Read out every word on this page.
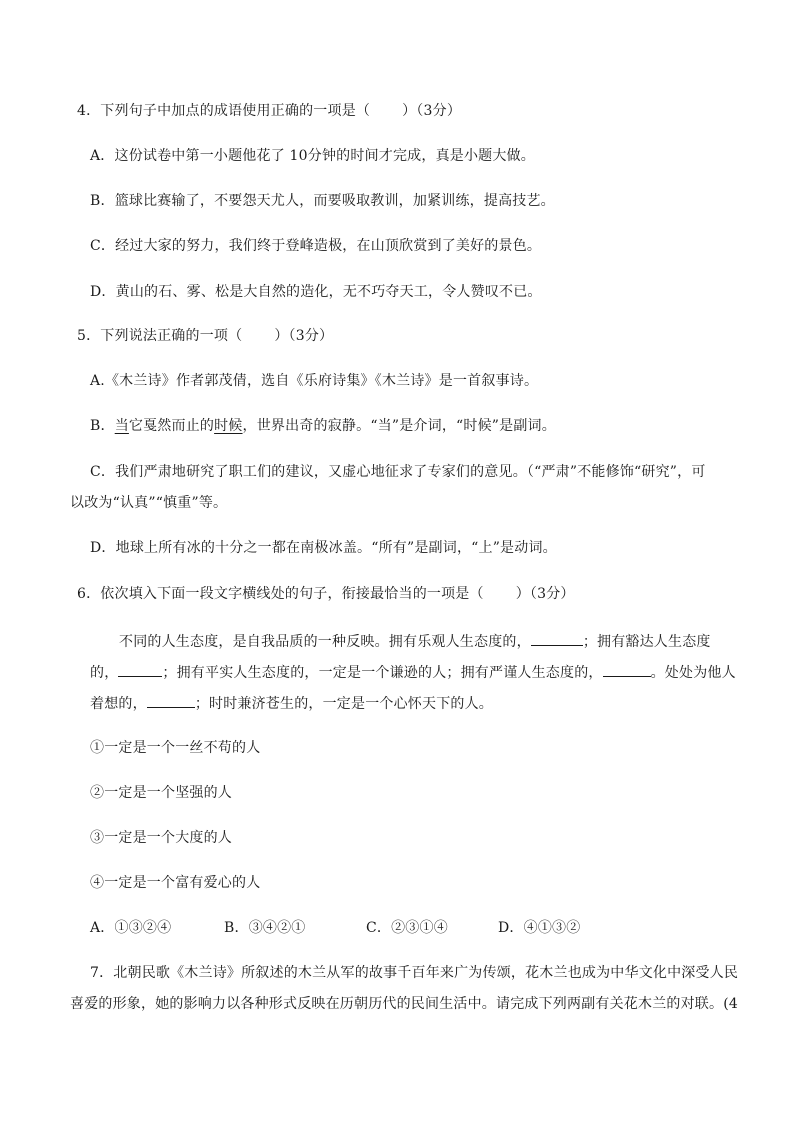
4．下列句子中加点的成语使用正确的一项是（ ）（3分）
A．这份试卷中第一小题他花了 10分钟的时间才完成，真是小题大做。
B．篮球比赛输了，不要怨天尤人，而要吸取教训，加紧训练，提高技艺。
C．经过大家的努力，我们终于登峰造极，在山顶欣赏到了美好的景色。
D．黄山的石、雾、松是大自然的造化，无不巧夺天工，令人赞叹不已。
5．下列说法正确的一项（ ）（3分）
A.《木兰诗》作者郭茂倩，选自《乐府诗集》《木兰诗》是一首叙事诗。
B．当它戛然而止的时候，世界出奇的寂静。“当”是介词，“时候”是副词。
C．我们严肃地研究了职工们的建议，又虚心地征求了专家们的意见。（“严肃”不能修饰“研究”，可
以改为“认真”“慎重”等。
D．地球上所有冰的十分之一都在南极冰盖。“所有”是副词，“上”是动词。
6．依次填入下面一段文字横线处的句子，衔接最恰当的一项是（ ）（3分）
不同的人生态度，是自我品质的一种反映。拥有乐观人生态度的，	；拥有豁达人生态度
的，	；拥有平实人生态度的，一定是一个谦逊的人；拥有严谨人生态度的，	。处处为他人
着想的，	；时时兼济苍生的，一定是一个心怀天下的人。
①一定是一个一丝不苟的人
②一定是一个坚强的人
③一定是一个大度的人
④一定是一个富有爱心的人
A．①③②④	B．③④②①	C．②③①④	D．④①③②
7．北朝民歌《木兰诗》所叙述的木兰从军的故事千百年来广为传颂，花木兰也成为中华文化中深受人民
喜爱的形象，她的影响力以各种形式反映在历朝历代的民间生活中。请完成下列两副有关花木兰的对联。(4
